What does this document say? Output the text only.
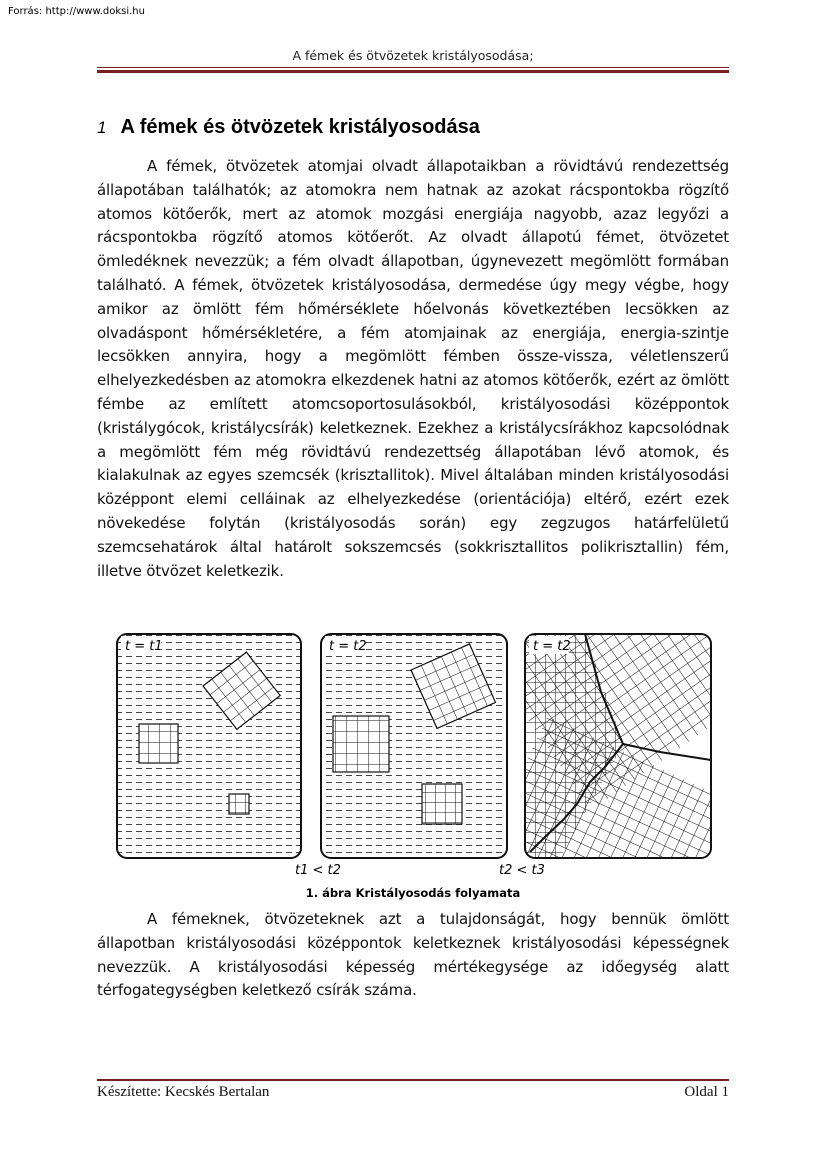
Forrás: http://www.doksi.hu
A fémek és ötvözetek kristályosodása;
1 A fémek és ötvözetek kristályosodása

A fémek, ötvözetek atomjai olvadt állapotaikban a rövidtávú rendezettség állapotában találhatók; az atomokra nem hatnak az azokat rácspontokba rögzítő atomos kötőerők, mert az atomok mozgási energiája nagyobb, azaz legyőzi a rácspontokba rögzítő atomos kötőerőt. Az olvadt állapotú fémet, ötvözetet ömledéknek nevezzük; a fém olvadt állapotban, úgynevezett megömlött formában található. A fémek, ötvözetek kristályosodása, dermedése úgy megy végbe, hogy amikor az ömlött fém hőmérséklete hőelvonás következtében lecsökken az olvadáspont hőmérsékletére, a fém atomjainak az energiája, energia-szintje lecsökken annyira, hogy a megömlött fémben össze-vissza, véletlenszerű elhelyezkedésben az atomokra elkezdenek hatni az atomos kötőerők, ezért az ömlött fémbe az említett atomcsoportosulásokból, kristályosodási középpontok (kristálygócok, kristálycsírák) keletkeznek. Ezekhez a kristálycsírákhoz kapcsolódnak a megömlött fém még rövidtávú rendezettség állapotában lévő atomok, és kialakulnak az egyes szemcsék (krisztallitok). Mivel általában minden kristályosodási középpont elemi celláinak az elhelyezkedése (orientációja) eltérő, ezért ezek növekedése folytán (kristályosodás során) egy zegzugos határfelületű szemcsehatárok által határolt sokszemcsés (sokkrisztallitos polikrisztallin) fém, illetve ötvözet keletkezik.

t = t1	t = t2	t = t2
t1 < t2	t2 < t3
1. ábra Kristályosodás folyamata

A fémeknek, ötvözeteknek azt a tulajdonságát, hogy bennük ömlött állapotban kristályosodási középpontok keletkeznek kristályosodási képességnek nevezzük. A kristályosodási képesség mértékegysége az időegység alatt térfogategységben keletkező csírák száma.

Készítette: Kecskés Bertalan	Oldal 1
